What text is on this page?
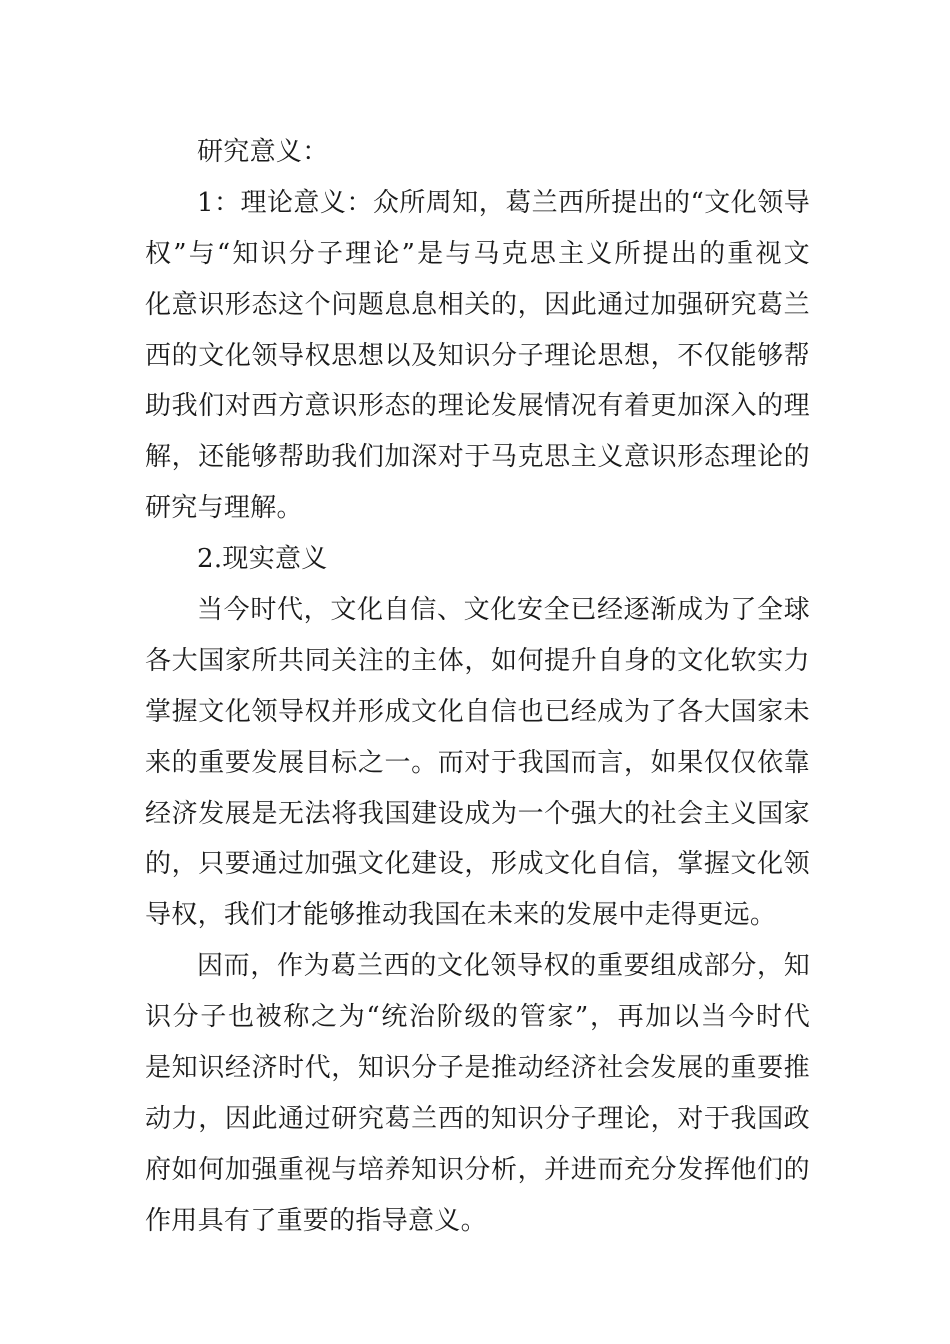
研究意义：
1：理论意义：众所周知，葛兰西所提出的“文化领导
权”与“知识分子理论”是与马克思主义所提出的重视文
化意识形态这个问题息息相关的，因此通过加强研究葛兰
西的文化领导权思想以及知识分子理论思想，不仅能够帮
助我们对西方意识形态的理论发展情况有着更加深入的理
解，还能够帮助我们加深对于马克思主义意识形态理论的
研究与理解。
2.现实意义
当今时代，文化自信、文化安全已经逐渐成为了全球
各大国家所共同关注的主体，如何提升自身的文化软实力
掌握文化领导权并形成文化自信也已经成为了各大国家未
来的重要发展目标之一。而对于我国而言，如果仅仅依靠
经济发展是无法将我国建设成为一个强大的社会主义国家
的，只要通过加强文化建设，形成文化自信，掌握文化领
导权，我们才能够推动我国在未来的发展中走得更远。
因而，作为葛兰西的文化领导权的重要组成部分，知
识分子也被称之为“统治阶级的管家”，再加以当今时代
是知识经济时代，知识分子是推动经济社会发展的重要推
动力，因此通过研究葛兰西的知识分子理论，对于我国政
府如何加强重视与培养知识分析，并进而充分发挥他们的
作用具有了重要的指导意义。
